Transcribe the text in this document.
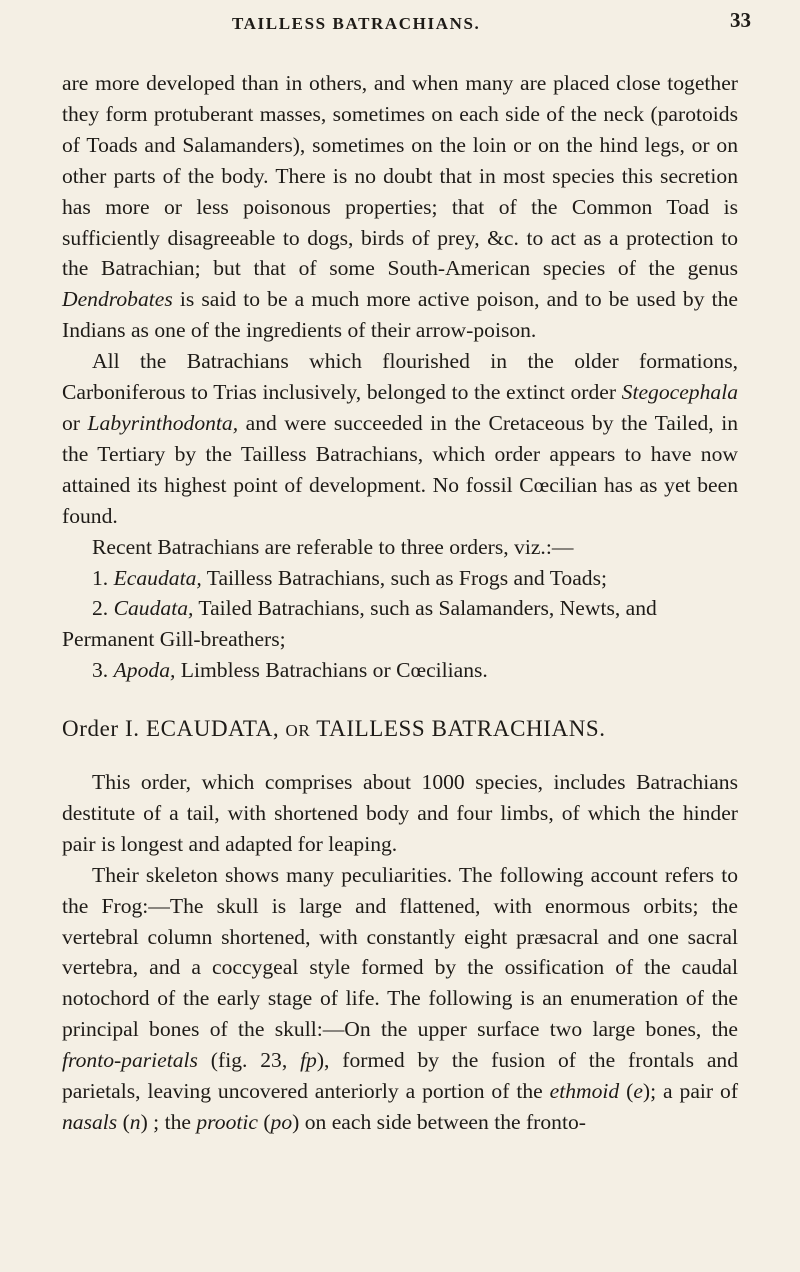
TAILLESS BATRACHIANS.	33

are more developed than in others, and when many are placed close together they form protuberant masses, sometimes on each side of the neck (parotoids of Toads and Salamanders), sometimes on the loin or on the hind legs, or on other parts of the body. There is no doubt that in most species this secretion has more or less poisonous properties; that of the Common Toad is sufficiently disagreeable to dogs, birds of prey, &c. to act as a protection to the Batrachian; but that of some South-American species of the genus Dendrobates is said to be a much more active poison, and to be used by the Indians as one of the ingredients of their arrow-poison.

All the Batrachians which flourished in the older formations, Carboniferous to Trias inclusively, belonged to the extinct order Stegocephala or Labyrinthodonta, and were succeeded in the Cretaceous by the Tailed, in the Tertiary by the Tailless Batrachians, which order appears to have now attained its highest point of development. No fossil Cœcilian has as yet been found.

Recent Batrachians are referable to three orders, viz.:—

1. Ecaudata, Tailless Batrachians, such as Frogs and Toads;

2. Caudata, Tailed Batrachians, such as Salamanders, Newts, and Permanent Gill-breathers;

3. Apoda, Limbless Batrachians or Cœcilians.

Order I. ECAUDATA, OR TAILLESS BATRACHIANS.

This order, which comprises about 1000 species, includes Batrachians destitute of a tail, with shortened body and four limbs, of which the hinder pair is longest and adapted for leaping.

Their skeleton shows many peculiarities. The following account refers to the Frog:—The skull is large and flattened, with enormous orbits; the vertebral column shortened, with constantly eight præsacral and one sacral vertebra, and a coccygeal style formed by the ossification of the caudal notochord of the early stage of life. The following is an enumeration of the principal bones of the skull:—On the upper surface two large bones, the fronto-parietals (fig. 23, fp), formed by the fusion of the frontals and parietals, leaving uncovered anteriorly a portion of the ethmoid (e); a pair of nasals (n) ; the prootic (po) on each side between the fronto-
